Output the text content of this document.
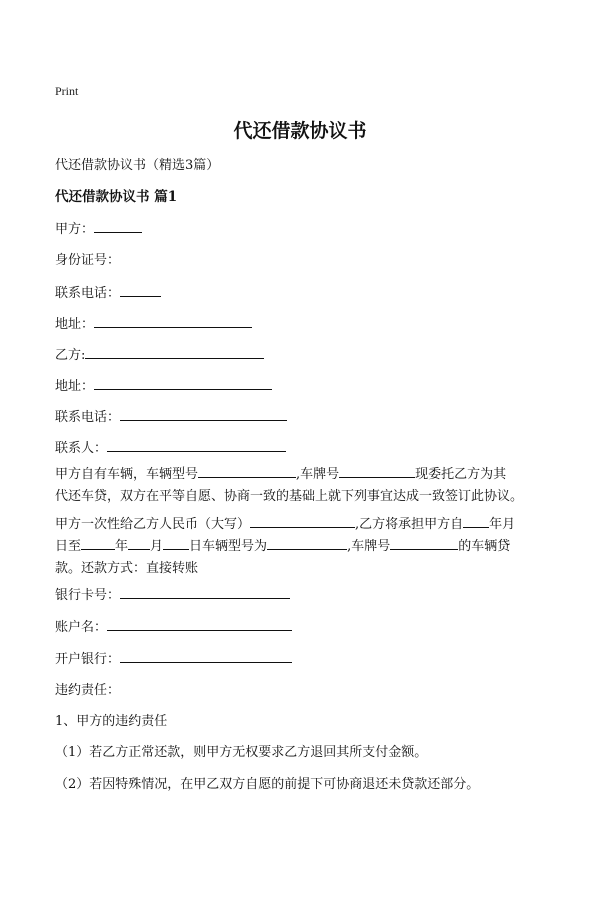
Print
代还借款协议书
代还借款协议书（精选3篇）
代还借款协议书 篇1
甲方：
身份证号：
联系电话：
地址：
乙方:
地址：
联系电话：
联系人：
甲方自有车辆，车辆型号	,车牌号	现委托乙方为其
代还车贷，双方在平等自愿、协商一致的基础上就下列事宜达成一致签订此协议。
甲方一次性给乙方人民币（大写）	,乙方将承担甲方自 年月
日至	年 月 日车辆型号为	,车牌号	的车辆贷
款。还款方式：直接转账
银行卡号：
账户名：
开户银行：
违约责任：
1、甲方的违约责任
（1）若乙方正常还款，则甲方无权要求乙方退回其所支付金额。
（2）若因特殊情况，在甲乙双方自愿的前提下可协商退还未贷款还部分。
